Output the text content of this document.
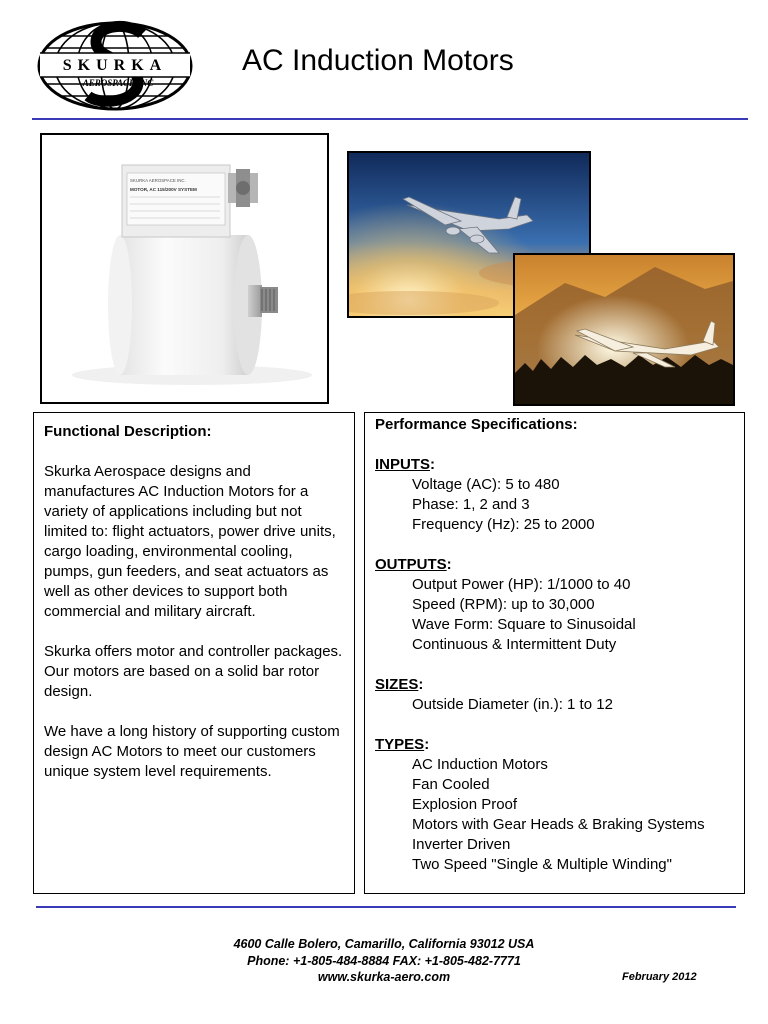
SKURKA
AEROSPACE INC
AC Induction Motors
SKURKA AEROSPACE INC.
MOTOR, AC 115/200V SYSTEM
Functional Description:

Skurka Aerospace designs and manufactures AC Induction Motors for a variety of applications including but not limited to: flight actuators, power drive units, cargo loading, environmental cooling, pumps, gun feeders, and seat actuators as well as other devices to support both commercial and military aircraft.

Skurka offers motor and controller packages. Our motors are based on a solid bar rotor design.

We have a long history of supporting custom design AC Motors to meet our customers unique system level requirements.

Performance Specifications:
INPUTS:
Voltage (AC): 5 to 480
Phase: 1, 2 and 3
Frequency (Hz): 25 to 2000
OUTPUTS:
Output Power (HP): 1/1000 to 40
Speed (RPM): up to 30,000
Wave Form: Square to Sinusoidal
Continuous & Intermittent Duty
SIZES:
Outside Diameter (in.): 1 to 12
TYPES:
AC Induction Motors
Fan Cooled
Explosion Proof
Motors with Gear Heads & Braking Systems
Inverter Driven
Two Speed "Single & Multiple Winding"
4600 Calle Bolero, Camarillo, California 93012 USA
Phone: +1-805-484-8884 FAX: +1-805-482-7771
www.skurka-aero.com	February 2012
